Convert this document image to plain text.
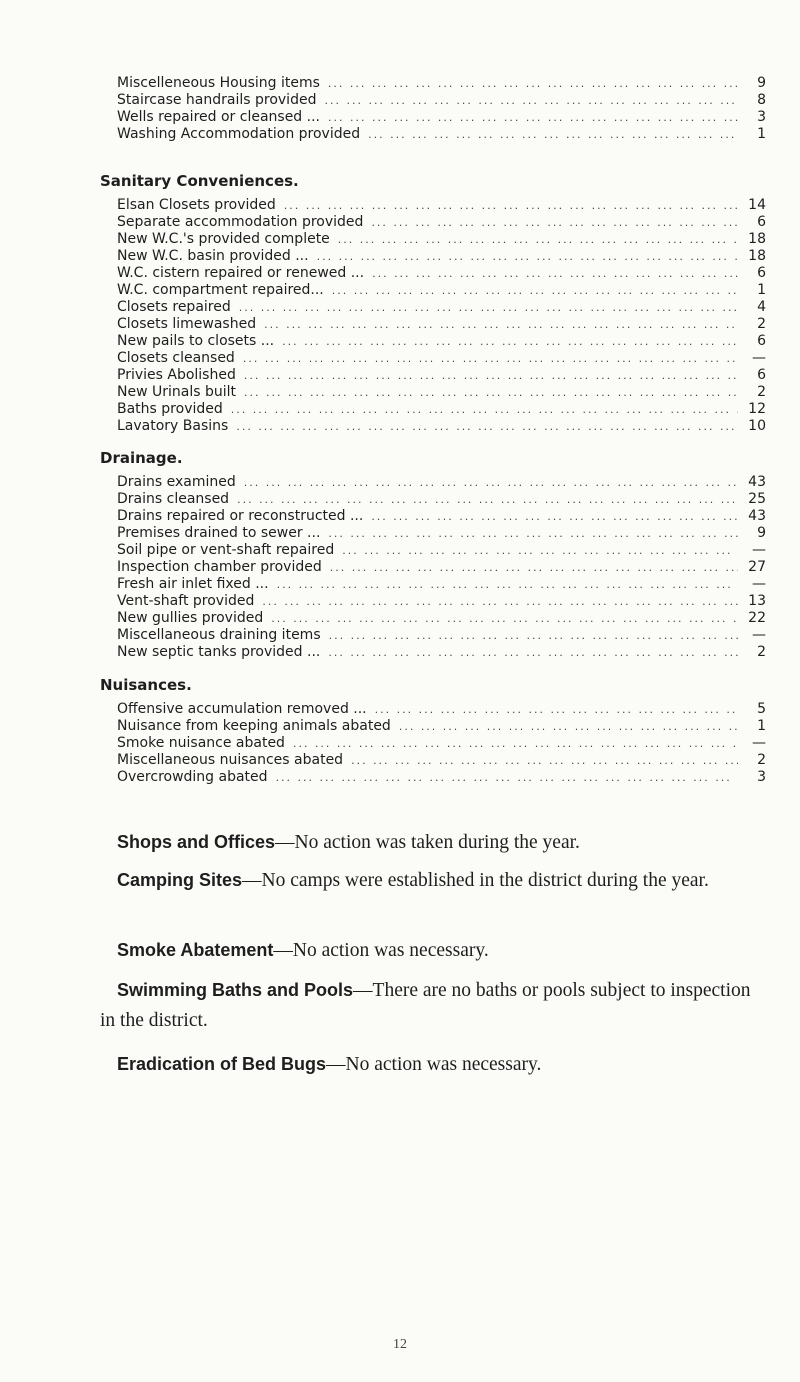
Miscelleneous Housing items ... .	9
Staircase handrails provided ... .	8
Wells repaired or cleansed ... ... .	3
Washing Accommodation provided ... .	1
Sanitary Conveniences.
Elsan Closets provided ... .	14
Separate accommodation provided ... .	6
New W.C.'s provided complete ... .	18
New W.C. basin provided ... ... .	18
W.C. cistern repaired or renewed ... ... .	6
W.C. compartment repaired... ... .	1
Closets repaired ... .	4
Closets limewashed ... .	2
New pails to closets ... ... .	6
Closets cleansed ... .	—
Privies Abolished ... .	6
New Urinals built ... .	2
Baths provided ... .	12
Lavatory Basins ... .	10
Drainage.
Drains examined ... .	43
Drains cleansed ... .	25
Drains repaired or reconstructed ... ... .	43
Premises drained to sewer ... ... .	9
Soil pipe or vent-shaft repaired ... .	—
Inspection chamber provided ... .	27
Fresh air inlet fixed ... ... .	—
Vent-shaft provided ... .	13
New gullies provided ... .	22
Miscellaneous draining items ... .	—
New septic tanks provided ... ... .	2
Nuisances.
Offensive accumulation removed ... ... .	5
Nuisance from keeping animals abated ... .	1
Smoke nuisance abated ... .	—
Miscellaneous nuisances abated ... .	2
Overcrowding abated ... .	3
Shops and Offices—No action was taken during the year.
Camping Sites—No camps were established in the district during the year.
Smoke Abatement—No action was necessary.
Swimming Baths and Pools—There are no baths or pools subject to inspection in the district.
Eradication of Bed Bugs—No action was necessary.
12
